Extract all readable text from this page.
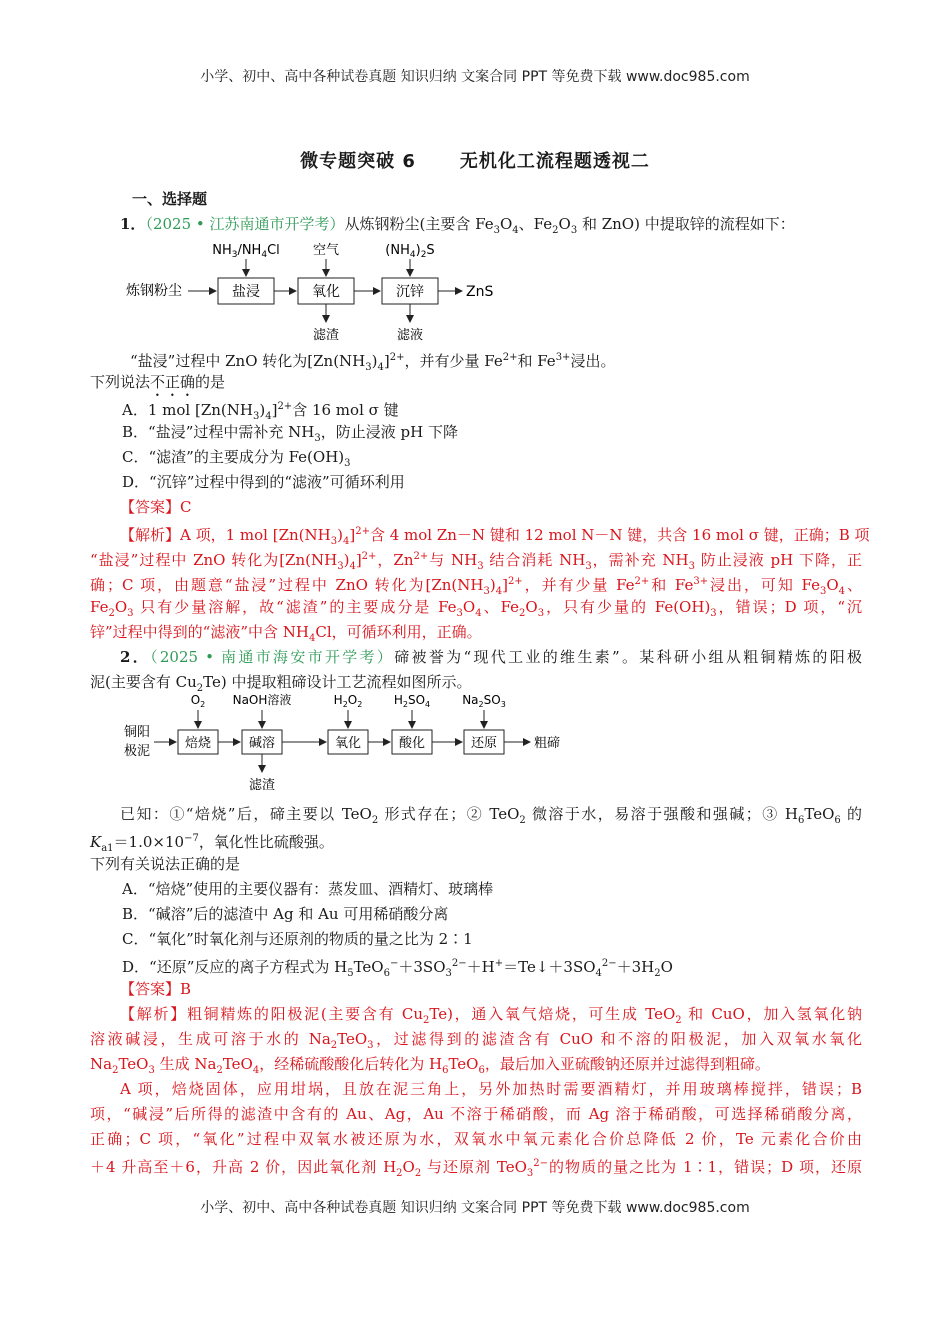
小学、初中、高中各种试卷真题 知识归纳 文案合同 PPT 等免费下载 www.doc985.com
微专题突破 6 无机化工流程题透视二
一、选择题
1．（2025 • 江苏南通市开学考）从炼钢粉尘(主要含 $Fe_3O_4$、$Fe_2O_3$ 和 ZnO) 中提取锌的流程如下：
炼钢粉尘	盐浸	氧化	沉锌	ZnS
$NH_3/NH_4Cl$	空气	$(NH_4)_2S$
滤渣	滤液
“盐浸”过程中 ZnO 转化为$[Zn(NH_3)_4]^{2+}$，并有少量 $Fe^{2+}$和 $Fe^{3+}$浸出。
下列说法不正确的是
A．1 mol $[Zn(NH_3)_4]^{2+}$含 16 mol σ 键
B．“盐浸”过程中需补充 $NH_3$，防止浸液 pH 下降
C．“滤渣”的主要成分为 $Fe(OH)_3$
D．“沉锌”过程中得到的“滤液”可循环利用
【答案】C
【解析】A 项，1 mol $[Zn(NH_3)_4]^{2+}$含 4 mol Zn－N 键和 12 mol N－N 键，共含 16 mol σ 键，正确；B 项
“盐浸”过程中 ZnO 转化为$[Zn(NH_3)_4]^{2+}$，$Zn^{2+}$与 $NH_3$ 结合消耗 $NH_3$，需补充 $NH_3$ 防止浸液 pH 下降，正
确；C 项，由题意“盐浸”过程中 ZnO 转化为$[Zn(NH_3)_4]^{2+}$，并有少量 $Fe^{2+}$和 $Fe^{3+}$浸出，可知 $Fe_3O_4$、
$Fe_2O_3$ 只有少量溶解，故“滤渣”的主要成分是 $Fe_3O_4$、$Fe_2O_3$，只有少量的 $Fe(OH)_3$，错误；D 项，“沉
锌”过程中得到的“滤液”中含 $NH_4Cl$，可循环利用，正确。
2．（2025 • 南通市海安市开学考）碲被誉为“现代工业的维生素”。某科研小组从粗铜精炼的阳极
泥(主要含有 $Cu_2Te$) 中提取粗碲设计工艺流程如图所示。
铜阳
极泥
焙烧	碱溶	氧化	酸化	还原	粗碲
$O_2$ NaOH溶液	$H_2O_2$	$H_2SO_4$	$Na_2SO_3$
滤渣
已知：①“焙烧”后，碲主要以 TeO$_2$ 形式存在；② TeO$_2$ 微溶于水，易溶于强酸和强碱；③ $H_6TeO_6$ 的
$K_{a1}=1.0\times 10^{-7}$，氧化性比硫酸强。
下列有关说法正确的是
A．“焙烧”使用的主要仪器有：蒸发皿、酒精灯、玻璃棒
B．“碱溶”后的滤渣中 Ag 和 Au 可用稀硝酸分离
C．“氧化”时氧化剂与还原剂的物质的量之比为 2∶1
D．“还原”反应的离子方程式为 $H_5TeO_6^-+3SO_3^{2-}+H^+=Te↓+3SO_4^{2-}+3H_2O$
【答案】B
【解析】粗铜精炼的阳极泥(主要含有 $Cu_2Te$)，通入氧气焙烧，可生成 TeO$_2$ 和 CuO，加入氢氧化钠
溶液碱浸，生成可溶于水的 $Na_2TeO_3$，过滤得到的滤渣含有 CuO 和不溶的阳极泥，加入双氧水氧化
$Na_2TeO_3$ 生成 $Na_2TeO_4$，经稀硫酸酸化后转化为 $H_6TeO_6$，最后加入亚硫酸钠还原并过滤得到粗碲。
A 项，焙烧固体，应用坩埚，且放在泥三角上，另外加热时需要酒精灯，并用玻璃棒搅拌，错误；B
项，“碱浸”后所得的滤渣中含有的 Au、Ag，Au 不溶于稀硝酸，而 Ag 溶于稀硝酸，可选择稀硝酸分离，
正确；C 项，“氧化”过程中双氧水被还原为水，双氧水中氧元素化合价总降低 2 价，Te 元素化合价由
＋4 升高至＋6，升高 2 价，因此氧化剂 $H_2O_2$ 与还原剂 TeO$_3^{2-}$的物质的量之比为 1∶1，错误；D 项，还原
小学、初中、高中各种试卷真题 知识归纳 文案合同 PPT 等免费下载 www.doc985.com
